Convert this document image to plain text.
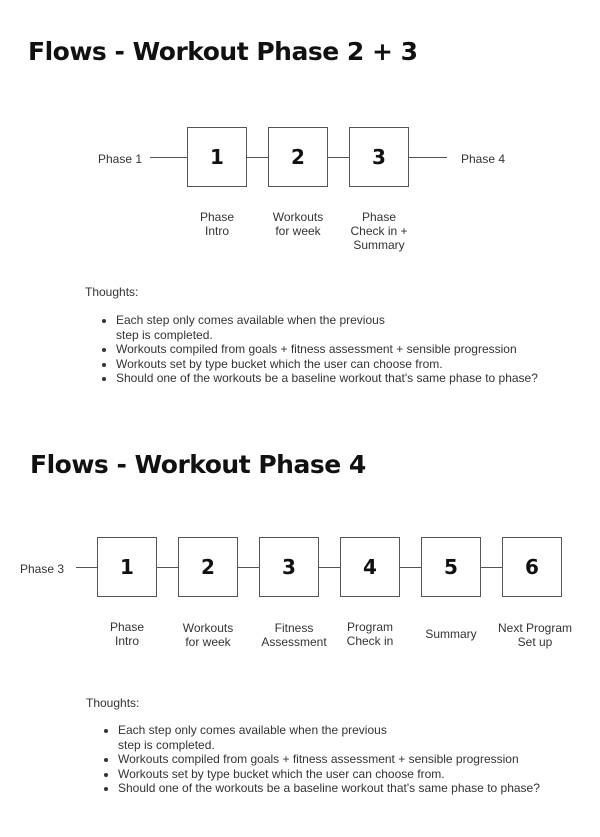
Flows - Workout Phase 2 + 3
Phase 1	1	2	3	Phase 4
Phase
Intro
Workouts
for week
Phase
Check in +
Summary
Thoughts:
• Each step only comes available when the previous
step is completed.
• Workouts compiled from goals + fitness assessment + sensible progression
• Workouts set by type bucket which the user can choose from.
• Should one of the workouts be a baseline workout that's same phase to phase?
Flows - Workout Phase 4
Phase 3	1	2	3	4	5	6
Phase
Intro
Workouts
for week
Fitness
Assessment
Program
Check in	Summary	Next Program
Set up
Thoughts:
• Each step only comes available when the previous
step is completed.
• Workouts compiled from goals + fitness assessment + sensible progression
• Workouts set by type bucket which the user can choose from.
• Should one of the workouts be a baseline workout that's same phase to phase?
